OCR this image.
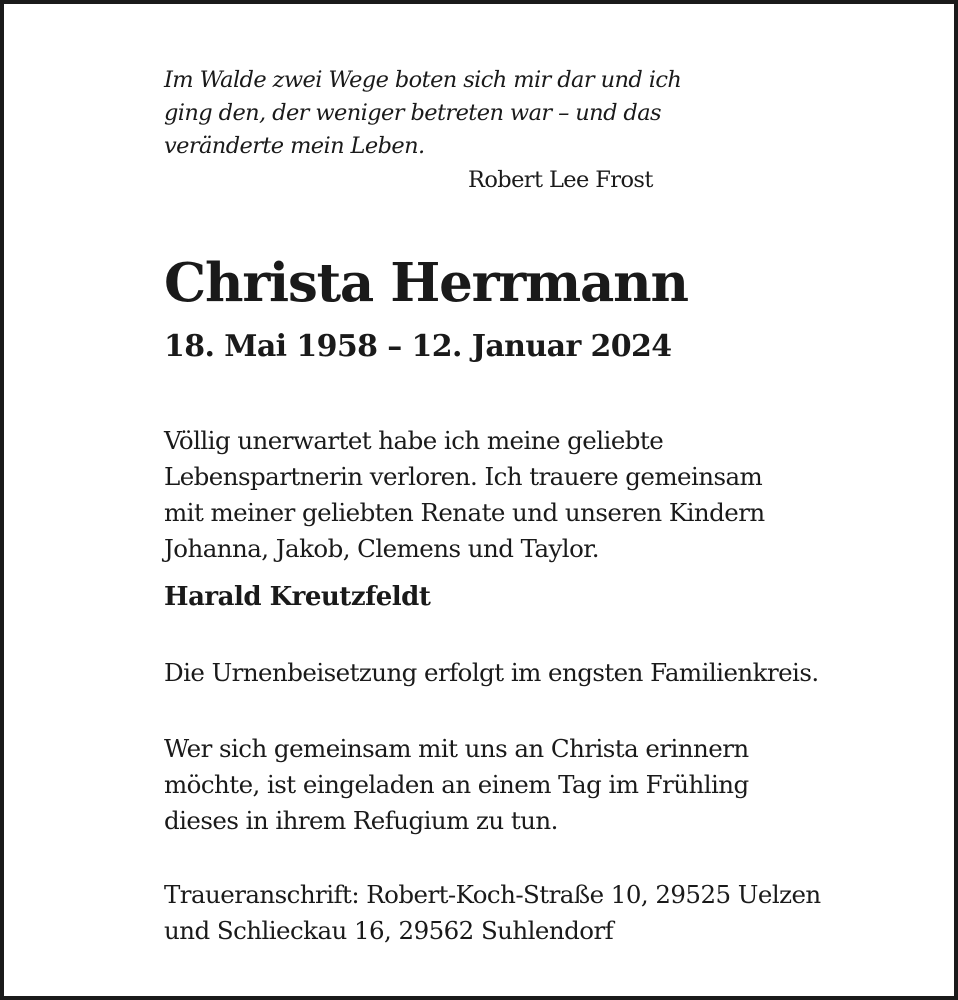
Im Walde zwei Wege boten sich mir dar und ich
ging den, der weniger betreten war – und das
veränderte mein Leben.

Robert Lee Frost
Christa Herrmann
18. Mai 1958 – 12. Januar 2024

Völlig unerwartet habe ich meine geliebte
Lebenspartnerin verloren. Ich trauere gemeinsam
mit meiner geliebten Renate und unseren Kindern
Johanna, Jakob, Clemens und Taylor.

Harald Kreutzfeldt

Die Urnenbeisetzung erfolgt im engsten Familienkreis.

Wer sich gemeinsam mit uns an Christa erinnern
möchte, ist eingeladen an einem Tag im Frühling
dieses in ihrem Refugium zu tun.

Traueranschrift: Robert-Koch-Straße 10, 29525 Uelzen
und Schlieckau 16, 29562 Suhlendorf
